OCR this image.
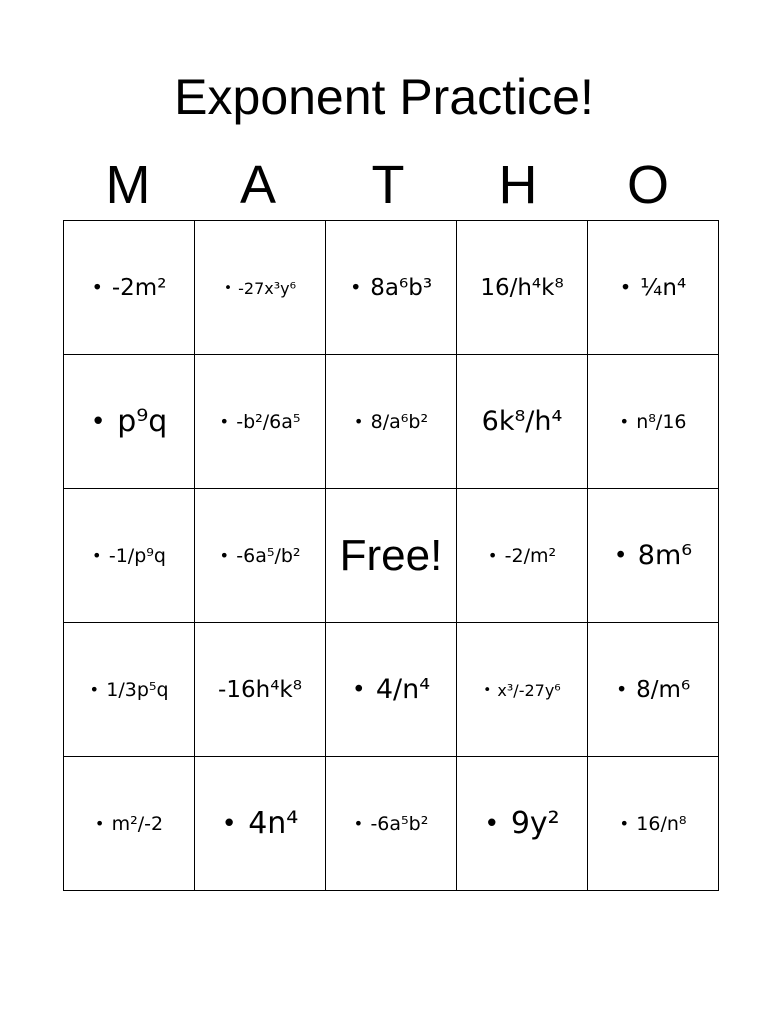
Exponent Practice!
M	A	T	H	O
• -2m²	• -27x³y⁶	• 8a⁶b³	16/h⁴k⁸	• ¼n⁴

• p⁹q	• -b²/6a⁵	• 8/a⁶b²	6k⁸/h⁴	• n⁸/16

• -1/p⁹q	• -6a⁵/b²	Free!	• -2/m²	• 8m⁶

• 1/3p⁵q	-16h⁴k⁸	• 4/n⁴	• x³/-27y⁶	• 8/m⁶

• m²/-2	• 4n⁴	• -6a⁵b²	• 9y²	• 16/n⁸
